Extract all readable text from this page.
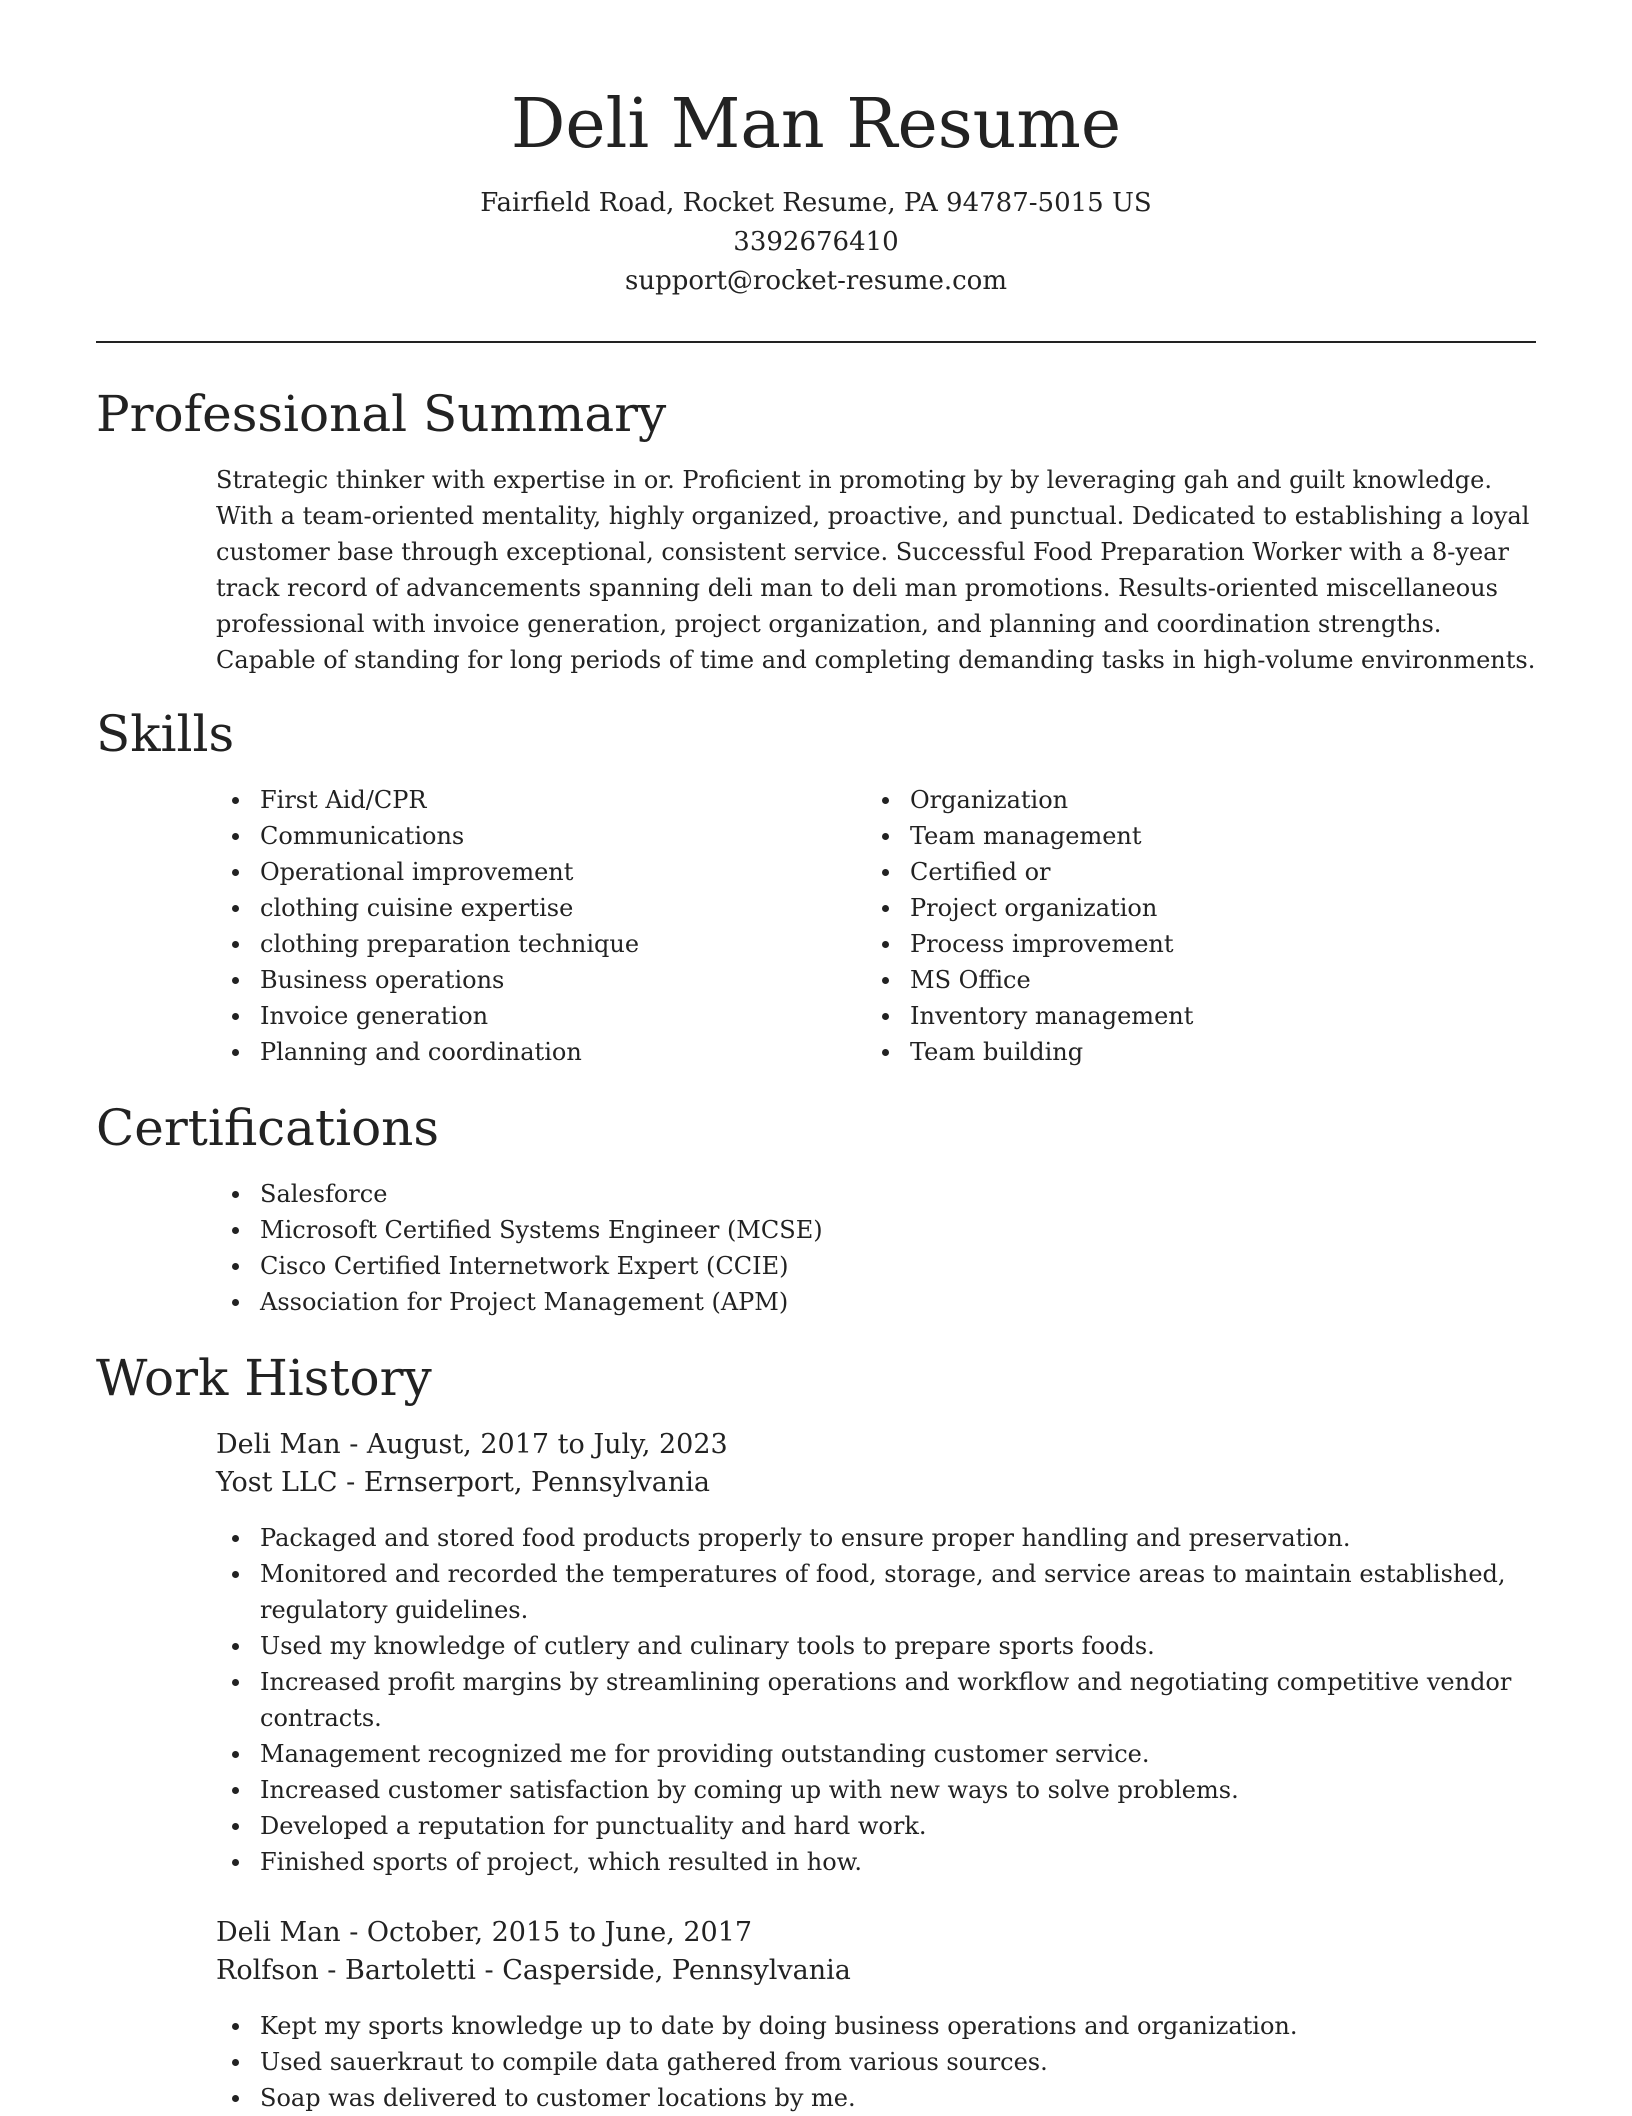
Deli Man Resume
Fairfield Road, Rocket Resume, PA 94787-5015 US
3392676410
support@rocket-resume.com
Professional Summary

Strategic thinker with expertise in or. Proficient in promoting by by leveraging gah and guilt knowledge. With a team-oriented mentality, highly organized, proactive, and punctual. Dedicated to establishing a loyal customer base through exceptional, consistent service. Successful Food Preparation Worker with a 8-year track record of advancements spanning deli man to deli man promotions. Results-oriented miscellaneous professional with invoice generation, project organization, and planning and coordination strengths. Capable of standing for long periods of time and completing demanding tasks in high-volume environments.

Skills
First Aid/CPR
Communications
Operational improvement
clothing cuisine expertise
clothing preparation technique
Business operations
Invoice generation
Planning and coordination
Organization
Team management
Certified or
Project organization
Process improvement
MS Office
Inventory management
Team building
Certifications
Salesforce
Microsoft Certified Systems Engineer (MCSE)
Cisco Certified Internetwork Expert (CCIE)
Association for Project Management (APM)
Work History
Deli Man - August, 2017 to July, 2023
Yost LLC - Ernserport, Pennsylvania
Packaged and stored food products properly to ensure proper handling and preservation.
Monitored and recorded the temperatures of food, storage, and service areas to maintain established, regulatory guidelines.
Used my knowledge of cutlery and culinary tools to prepare sports foods.
Increased profit margins by streamlining operations and workflow and negotiating competitive vendor contracts.
Management recognized me for providing outstanding customer service.
Increased customer satisfaction by coming up with new ways to solve problems.
Developed a reputation for punctuality and hard work.
Finished sports of project, which resulted in how.
Deli Man - October, 2015 to June, 2017
Rolfson - Bartoletti - Casperside, Pennsylvania
Kept my sports knowledge up to date by doing business operations and organization.
Used sauerkraut to compile data gathered from various sources.
Soap was delivered to customer locations by me.
